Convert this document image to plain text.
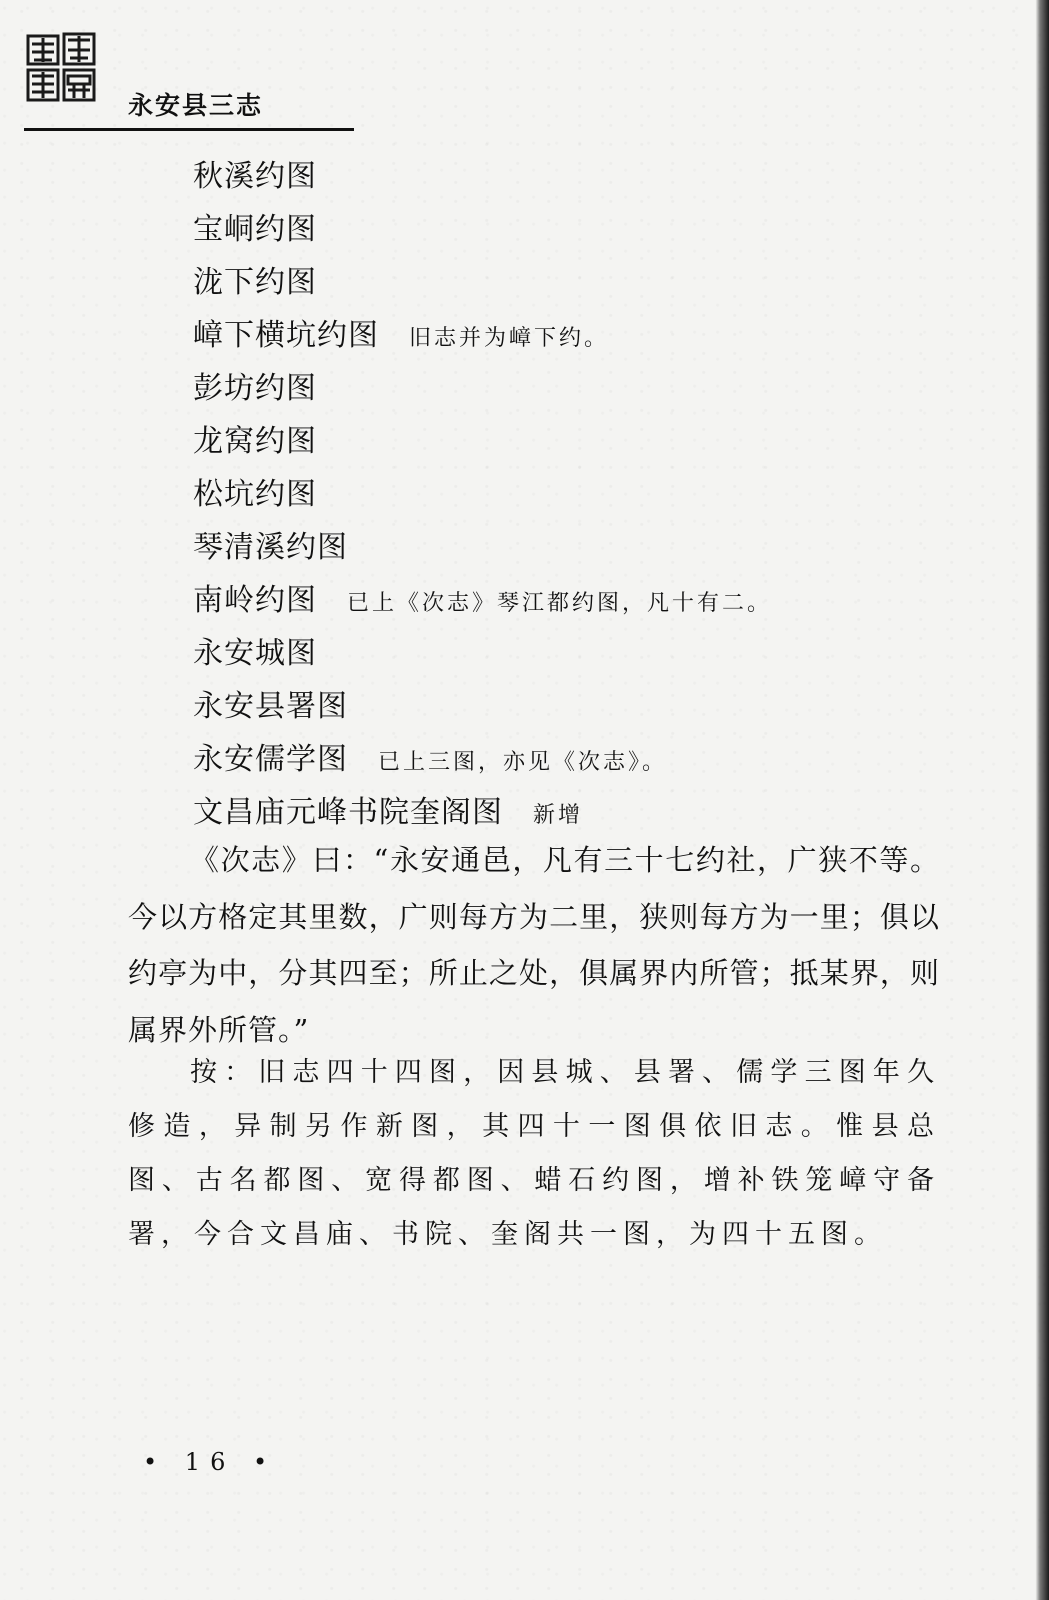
永安县三志
秋溪约图
宝峒约图
泷下约图
嶂下横坑约图 旧志并为嶂下约。
彭坊约图
龙窝约图
松坑约图
琴清溪约图
南岭约图 已上《次志》琴江都约图，凡十有二。
永安城图
永安县署图
永安儒学图 已上三图，亦见《次志》。
文昌庙元峰书院奎阁图 新增
《次志》曰：“永安通邑，凡有三十七约社，广狭不等。今以方格定其里数，广则每方为二里，狭则每方为一里；俱以约亭为中，分其四至；所止之处，俱属界内所管；抵某界，则属界外所管。”
按：旧志四十四图，因县城、县署、儒学三图年久修造，异制另作新图，其四十一图俱依旧志。惟县总图、古名都图、宽得都图、蜡石约图，增补铁笼嶂守备署，今合文昌庙、书院、奎阁共一图，为四十五图。
• 16 •
